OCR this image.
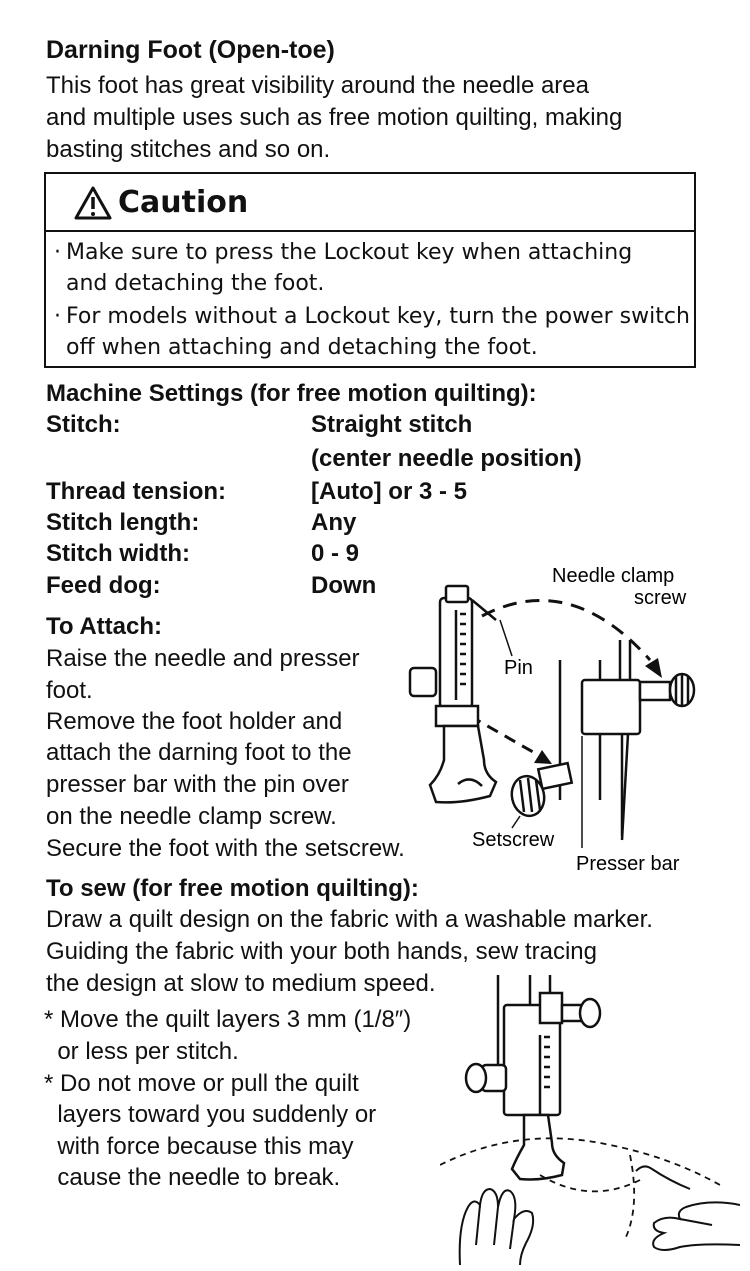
Darning Foot (Open-toe)
This foot has great visibility around the needle area
and multiple uses such as free motion quilting, making
basting stitches and so on.
Caution
· Make sure to press the Lockout key when attaching
and detaching the foot.
· For models without a Lockout key, turn the power switch
off when attaching and detaching the foot.
Machine Settings (for free motion quilting):
Stitch:	Straight stitch
(center needle position)
Thread tension:	[Auto] or 3 - 5
Stitch length:	Any
Stitch width:	0 - 9
Feed dog:	Down
To Attach:
Raise the needle and presser
foot.
Remove the foot holder and
attach the darning foot to the
presser bar with the pin over
on the needle clamp screw.
Secure the foot with the setscrew.
Needle clamp
screw
Pin
Setscrew
Presser bar
To sew (for free motion quilting):
Draw a quilt design on the fabric with a washable marker.
Guiding the fabric with your both hands, sew tracing
the design at slow to medium speed.
* Move the quilt layers 3 mm (1/8″)
or less per stitch.
* Do not move or pull the quilt
layers toward you suddenly or
with force because this may
cause the needle to break.
